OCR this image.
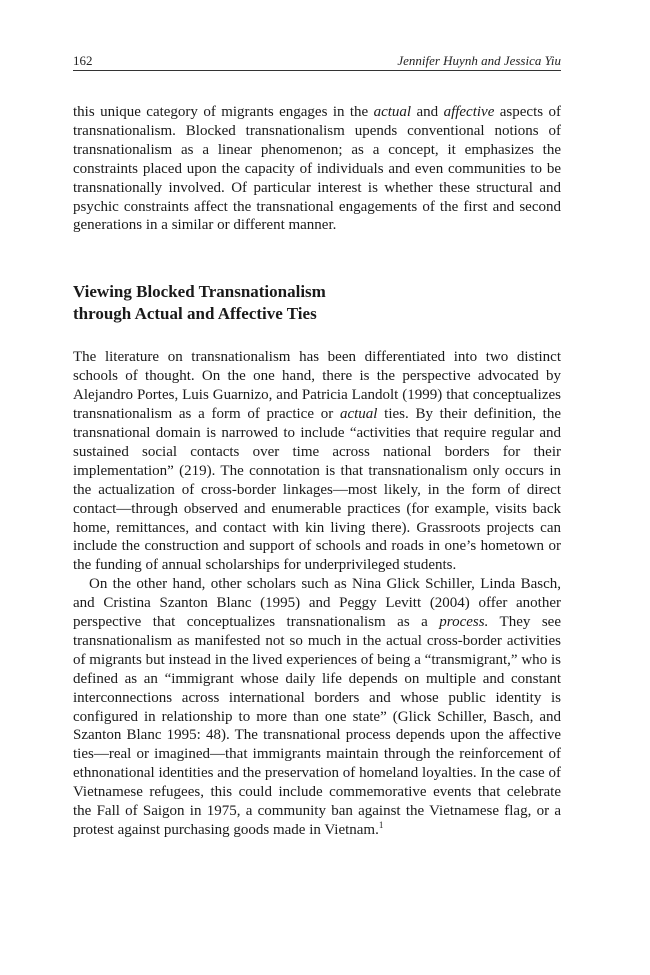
162	Jennifer Huynh and Jessica Yiu

this unique category of migrants engages in the actual and affective aspects of transnationalism. Blocked transnationalism upends conventional notions of transnationalism as a linear phenomenon; as a concept, it emphasizes the constraints placed upon the capacity of individuals and even communities to be transnationally involved. Of particular interest is whether these structural and psychic constraints affect the transnational engagements of the first and second generations in a similar or different manner.

Viewing Blocked Transnationalism
through Actual and Affective Ties

The literature on transnationalism has been differentiated into two distinct schools of thought. On the one hand, there is the perspective advocated by Alejandro Portes, Luis Guarnizo, and Patricia Landolt (1999) that conceptualizes transnationalism as a form of practice or actual ties. By their definition, the transnational domain is narrowed to include “activities that require regular and sustained social contacts over time across national borders for their implementation” (219). The connotation is that transnationalism only occurs in the actualization of cross-border linkages—most likely, in the form of direct contact—through observed and enumerable practices (for example, visits back home, remittances, and contact with kin living there). Grassroots projects can include the construction and support of schools and roads in one’s hometown or the funding of annual scholarships for underprivileged students.

On the other hand, other scholars such as Nina Glick Schiller, Linda Basch, and Cristina Szanton Blanc (1995) and Peggy Levitt (2004) offer another perspective that conceptualizes transnationalism as a process. They see transnationalism as manifested not so much in the actual cross-border activities of migrants but instead in the lived experiences of being a “transmigrant,” who is defined as an “immigrant whose daily life depends on multiple and constant interconnections across international borders and whose public identity is configured in relationship to more than one state” (Glick Schiller, Basch, and Szanton Blanc 1995: 48). The transnational process depends upon the affective ties—real or imagined—that immigrants maintain through the reinforcement of ethnonational identities and the preservation of homeland loyalties. In the case of Vietnamese refugees, this could include commemorative events that celebrate the Fall of Saigon in 1975, a community ban against the Vietnamese flag, or a protest against purchasing goods made in Vietnam.$^1$
